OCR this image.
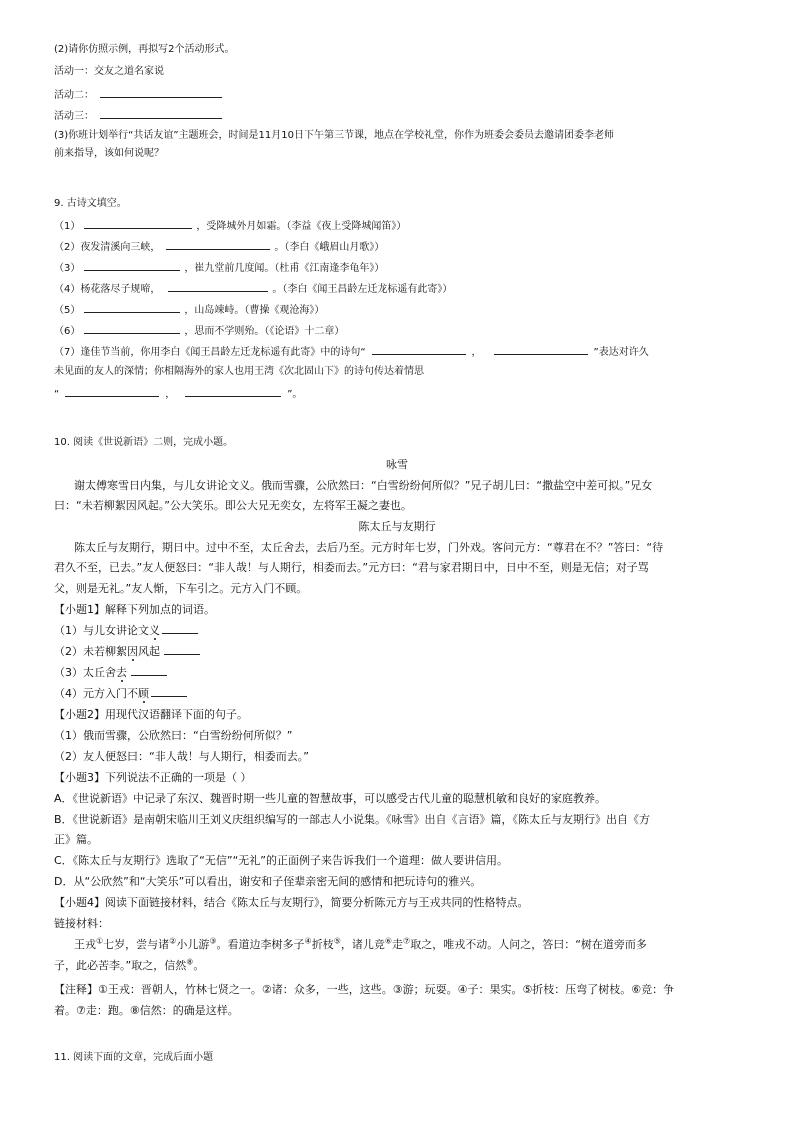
(2)请你仿照示例，再拟写2个活动形式。
活动一：交友之道名家说
活动二：
活动三：
(3)你班计划举行“共话友谊”主题班会，时间是11月10日下午第三节课，地点在学校礼堂，你作为班委会委员去邀请团委李老师
前来指导，该如何说呢？
9. 古诗文填空。
（1）	，受降城外月如霜。（李益《夜上受降城闻笛》）
（2）夜发清溪向三峡，	。（李白《峨眉山月歌》）
（3）	，崔九堂前几度闻。（杜甫《江南逢李龟年》）
（4）杨花落尽子规啼，	。（李白《闻王昌龄左迁龙标遥有此寄》）
（5）	，山岛竦峙。（曹操《观沧海》）
（6）	，思而不学则殆。（《论语》十二章）
（7）逢佳节当前，你用李白《闻王昌龄左迁龙标遥有此寄》中的诗句“	，	”表达对许久
未见面的友人的深情；你相隔海外的家人也用王湾《次北固山下》的诗句传达着情思
“	，	”。
10. 阅读《世说新语》二则，完成小题。
咏雪
谢太傅寒雪日内集，与儿女讲论文义。俄而雪骤，公欣然曰：“白雪纷纷何所似？”兄子胡儿曰：“撒盐空中差可拟。”兄女
曰：“未若柳絮因风起。”公大笑乐。即公大兄无奕女，左将军王凝之妻也。
陈太丘与友期行
陈太丘与友期行，期日中。过中不至，太丘舍去，去后乃至。元方时年七岁，门外戏。客问元方：“尊君在不？”答曰：“待
君久不至，已去。”友人便怒曰：“非人哉！与人期行，相委而去。”元方曰：“君与家君期日中，日中不至，则是无信；对子骂
父，则是无礼。”友人惭，下车引之。元方入门不顾。
【小题1】解释下列加点的词语。
（1）与儿女讲论文义
（2）未若柳絮因风起
（3）太丘舍去
（4）元方入门不顾
【小题2】用现代汉语翻译下面的句子。
（1）俄而雪骤，公欣然曰：“白雪纷纷何所似？”
（2）友人便怒曰：“非人哉！与人期行，相委而去。”
【小题3】下列说法不正确的一项是（ ）
A．《世说新语》中记录了东汉、魏晋时期一些儿童的智慧故事，可以感受古代儿童的聪慧机敏和良好的家庭教养。
B．《世说新语》是南朝宋临川王刘义庆组织编写的一部志人小说集。《咏雪》出自《言语》篇，《陈太丘与友期行》出自《方
正》篇。
C．《陈太丘与友期行》选取了“无信”“无礼”的正面例子来告诉我们一个道理：做人要讲信用。
D．从“公欣然”和“大笑乐”可以看出，谢安和子侄辈亲密无间的感情和把玩诗句的雅兴。
【小题4】阅读下面链接材料，结合《陈太丘与友期行》，简要分析陈元方与王戎共同的性格特点。
链接材料：
王戎①七岁，尝与诸②小儿游③。看道边李树多子④折枝⑤，诸儿竞⑥走⑦取之，唯戎不动。人问之，答曰：“树在道旁而多
子，此必苦李。”取之，信然⑧。
【注释】①王戎：晋朝人，竹林七贤之一。②诸：众多，一些，这些。③游；玩耍。④子：果实。⑤折枝：压弯了树枝。⑥竞：争
着。⑦走：跑。⑧信然：的确是这样。
11. 阅读下面的文章，完成后面小题
